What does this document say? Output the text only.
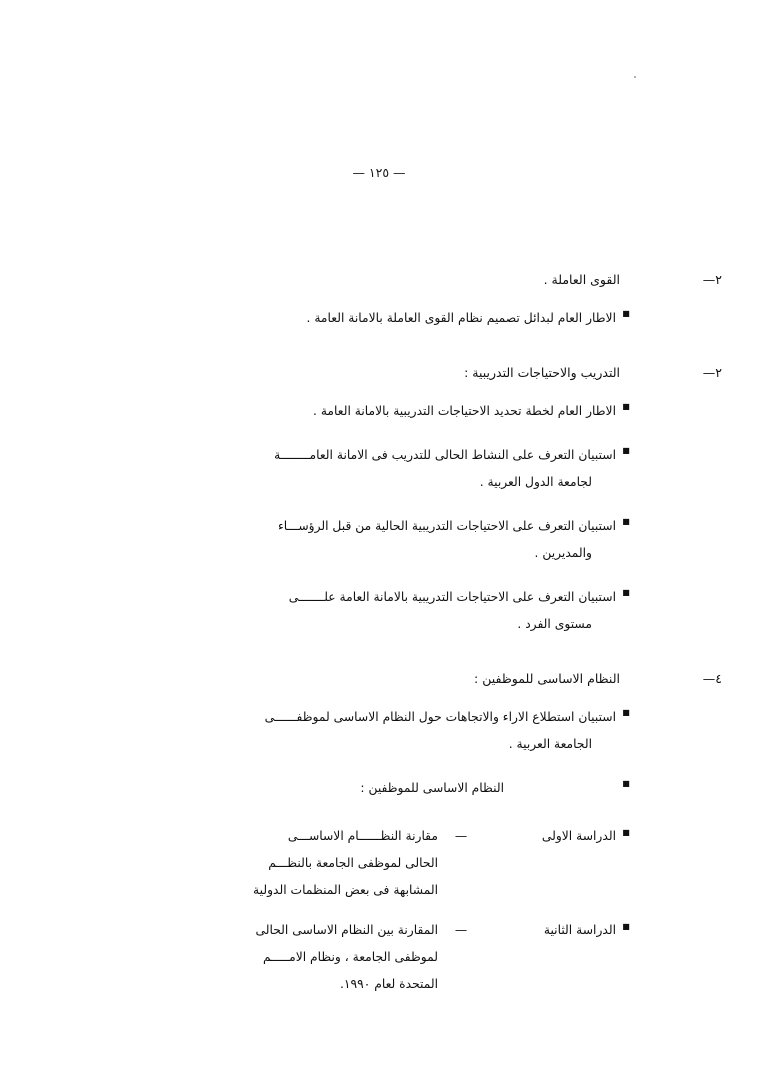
— ١٢٥ —
٢—
القوى العاملة .
■
الاطار العام لبدائل تصميم نظام القوى العاملة بالامانة العامة .
٢—
التدريب والاحتياجات التدريبية :
■
الاطار العام لخطة تحديد الاحتياجات التدريبية بالامانة العامة .
■
استبيان التعرف على النشاط الحالى للتدريب فى الامانة العامــــــــة
لجامعة الدول العربية .
■
استبيان التعرف على الاحتياجات التدريبية الحالية من قبل الرؤســـاء
والمديرين .
■
استبيان التعرف على الاحتياجات التدريبية بالامانة العامة علـــــــى
مستوى الفرد .
٤—
النظام الاساسى للموظفين :
■
استبيان استطلاع الاراء والاتجاهات حول النظام الاساسى لموظفــــــى
الجامعة العربية .
■
النظام الاساسى للموظفين :
■
الدراسة الاولى
—
مقارنة النظــــــام الاساســـى
الحالى لموظفى الجامعة بالنظـــم
المشابهة فى بعض المنظمات الدولية
■
الدراسة الثانية
—
المقارنة بين النظام الاساسى الحالى
لموظفى الجامعة ، ونظام الامـــــم
المتحدة لعام ١٩٩٠.
